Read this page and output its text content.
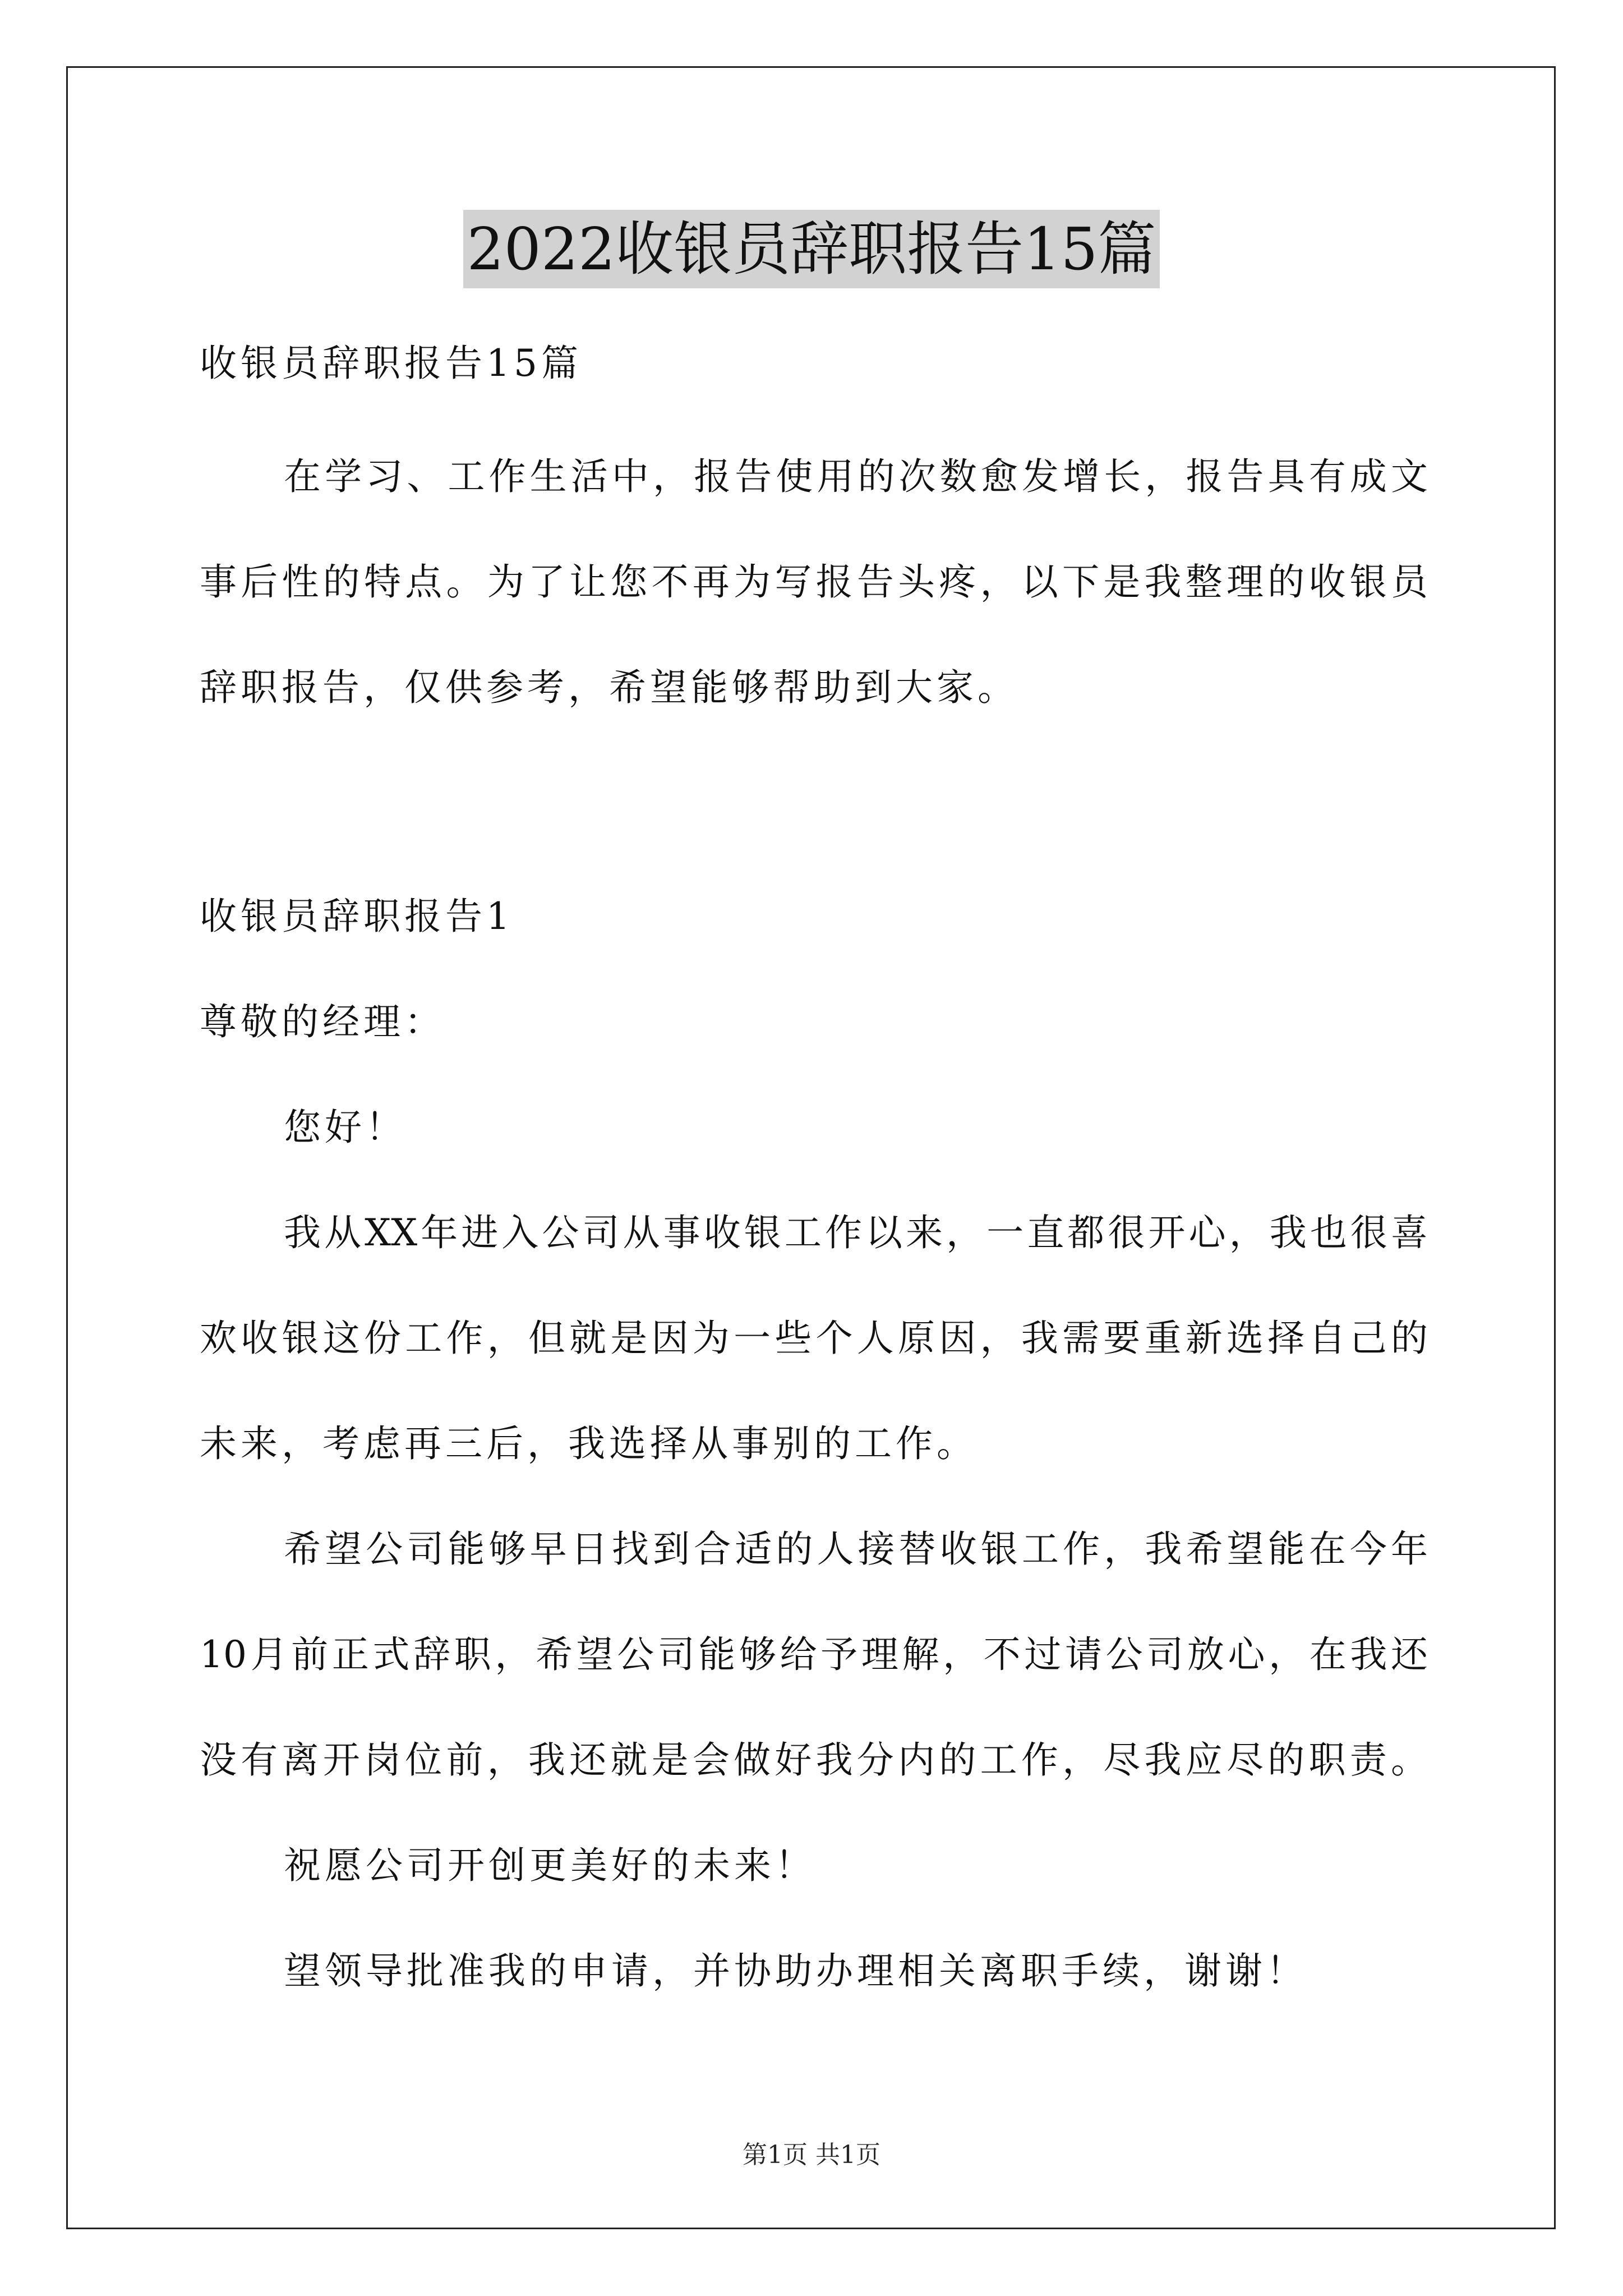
2022收银员辞职报告15篇
收银员辞职报告15篇
在学习、工作生活中，报告使用的次数愈发增长，报告具有成文
事后性的特点。为了让您不再为写报告头疼，以下是我整理的收银员
辞职报告，仅供参考，希望能够帮助到大家。
收银员辞职报告1
尊敬的经理：
您好！
我从XX年进入公司从事收银工作以来，一直都很开心，我也很喜
欢收银这份工作，但就是因为一些个人原因，我需要重新选择自己的
未来，考虑再三后，我选择从事别的工作。
希望公司能够早日找到合适的人接替收银工作，我希望能在今年
10月前正式辞职，希望公司能够给予理解，不过请公司放心，在我还
没有离开岗位前，我还就是会做好我分内的工作，尽我应尽的职责。
祝愿公司开创更美好的未来！
望领导批准我的申请，并协助办理相关离职手续，谢谢！
第1页 共1页
